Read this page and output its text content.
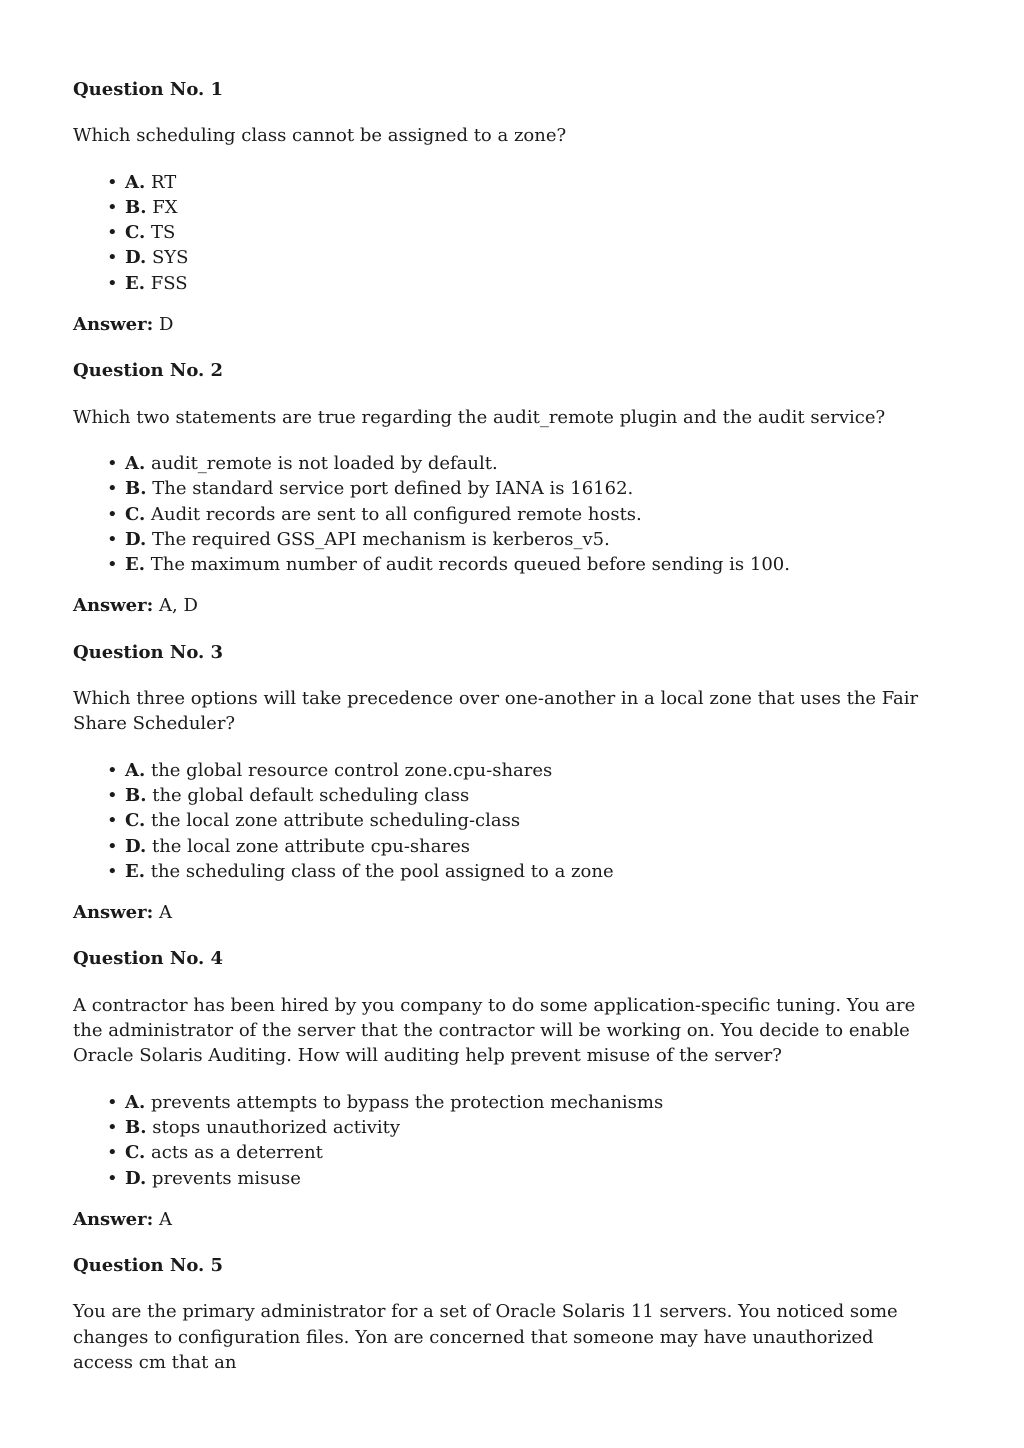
Question No. 1

Which scheduling class cannot be assigned to a zone?

• A. RT
• B. FX
• C. TS
• D. SYS
• E. FSS

Answer: D

Question No. 2

Which two statements are true regarding the audit_remote plugin and the audit service?

• A. audit_remote is not loaded by default.
• B. The standard service port defined by IANA is 16162.
• C. Audit records are sent to all configured remote hosts.
• D. The required GSS_API mechanism is kerberos_v5.
• E. The maximum number of audit records queued before sending is 100.

Answer: A, D

Question No. 3

Which three options will take precedence over one-another in a local zone that uses the Fair Share Scheduler?

• A. the global resource control zone.cpu-shares
• B. the global default scheduling class
• C. the local zone attribute scheduling-class
• D. the local zone attribute cpu-shares
• E. the scheduling class of the pool assigned to a zone

Answer: A

Question No. 4

A contractor has been hired by you company to do some application-specific tuning. You are the administrator of the server that the contractor will be working on. You decide to enable Oracle Solaris Auditing. How will auditing help prevent misuse of the server?

• A. prevents attempts to bypass the protection mechanisms
• B. stops unauthorized activity
• C. acts as a deterrent
• D. prevents misuse

Answer: A

Question No. 5

You are the primary administrator for a set of Oracle Solaris 11 servers. You noticed some changes to configuration files. Yon are concerned that someone may have unauthorized access cm that an
